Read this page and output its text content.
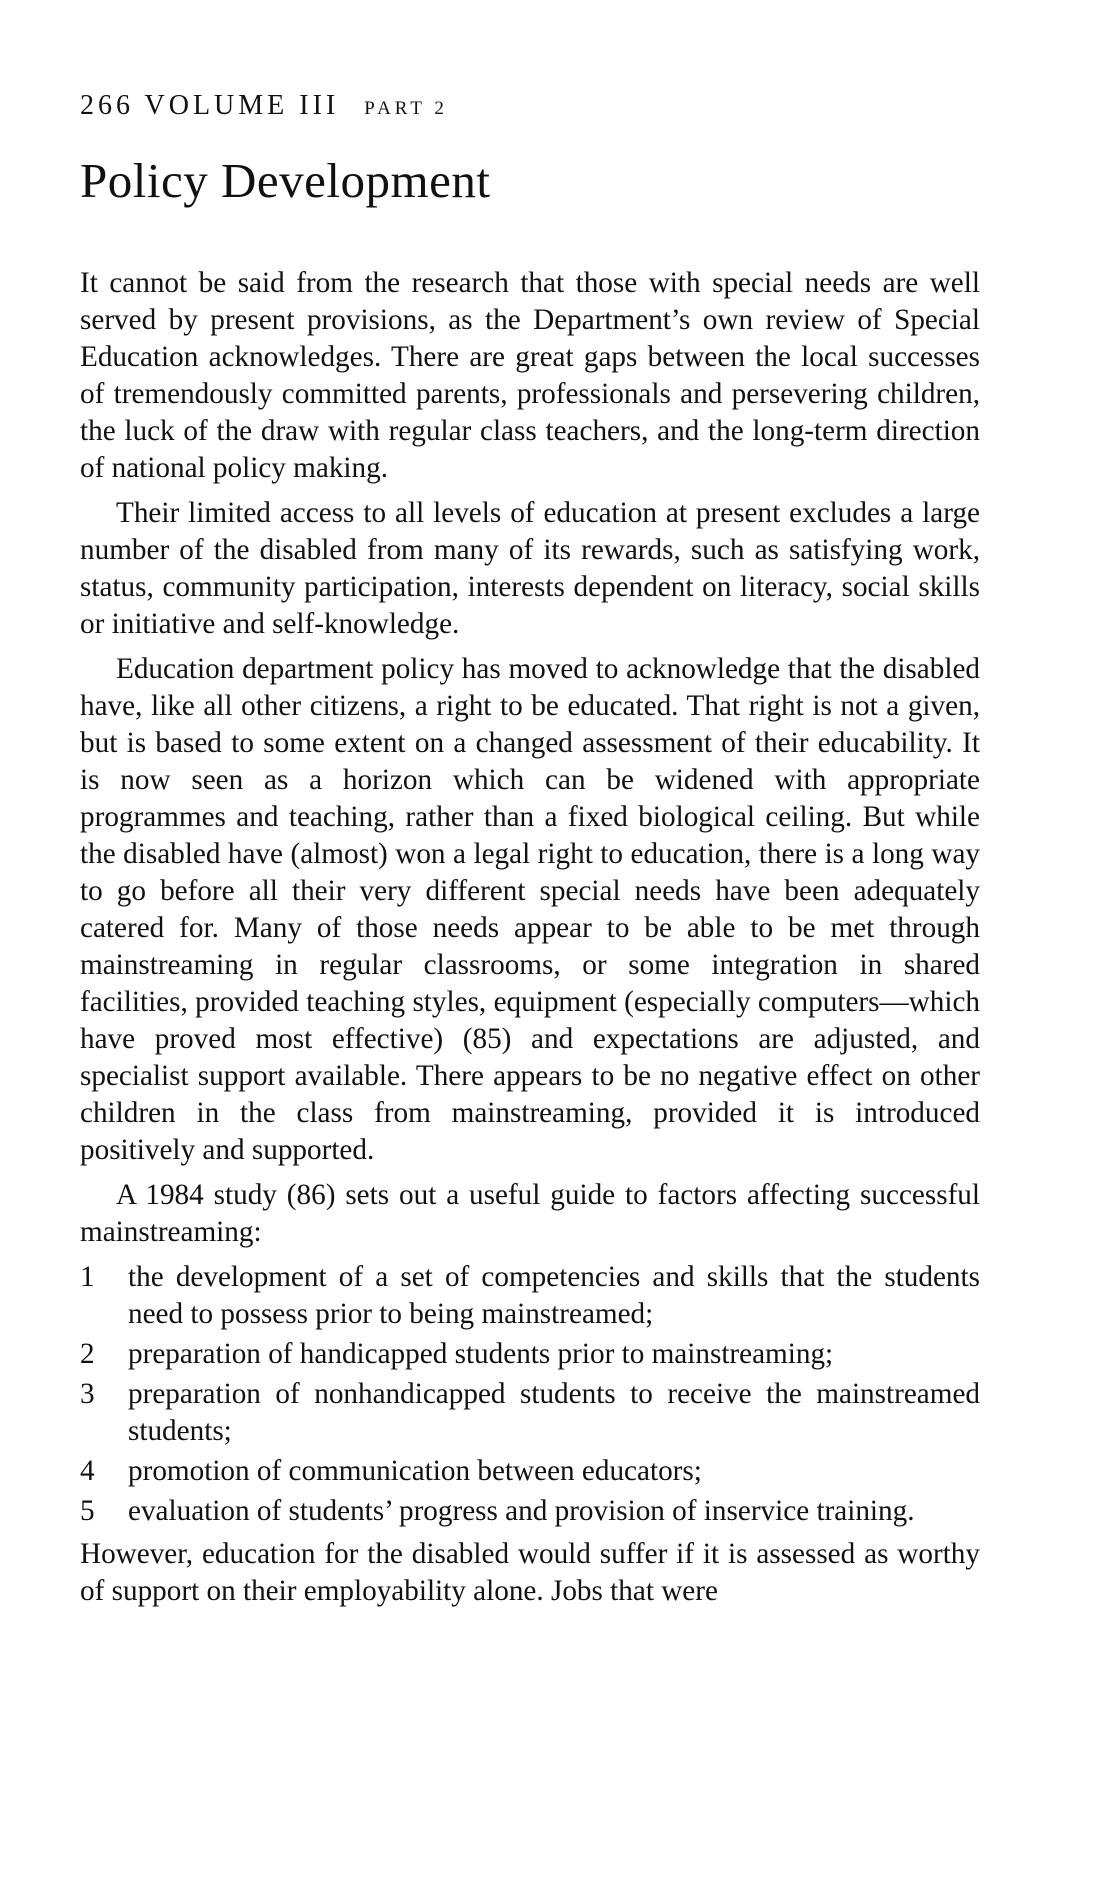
266 VOLUME III PART 2
Policy Development

It cannot be said from the research that those with special needs are well served by present provisions, as the Department’s own review of Special Education acknowledges. There are great gaps between the local successes of tremendously committed parents, professionals and persevering children, the luck of the draw with regular class teachers, and the long-term direction of national policy making.

Their limited access to all levels of education at present excludes a large number of the disabled from many of its rewards, such as satisfying work, status, community participation, interests dependent on literacy, social skills or initiative and self-knowledge.

Education department policy has moved to acknowledge that the disabled have, like all other citizens, a right to be educated. That right is not a given, but is based to some extent on a changed assessment of their educability. It is now seen as a horizon which can be widened with appropriate programmes and teaching, rather than a fixed biological ceiling. But while the disabled have (almost) won a legal right to education, there is a long way to go before all their very different special needs have been adequately catered for. Many of those needs appear to be able to be met through mainstreaming in regular classrooms, or some integration in shared facilities, provided teaching styles, equipment (especially computers—which have proved most effective) (85) and expectations are adjusted, and specialist support available. There appears to be no negative effect on other children in the class from mainstreaming, provided it is introduced positively and supported.

A 1984 study (86) sets out a useful guide to factors affecting successful mainstreaming:

1 the development of a set of competencies and skills that the students need to possess prior to being mainstreamed;
2 preparation of handicapped students prior to mainstreaming;
3 preparation of nonhandicapped students to receive the mainstreamed students;
4 promotion of communication between educators;
5 evaluation of students’ progress and provision of inservice training.

However, education for the disabled would suffer if it is assessed as worthy of support on their employability alone. Jobs that were
